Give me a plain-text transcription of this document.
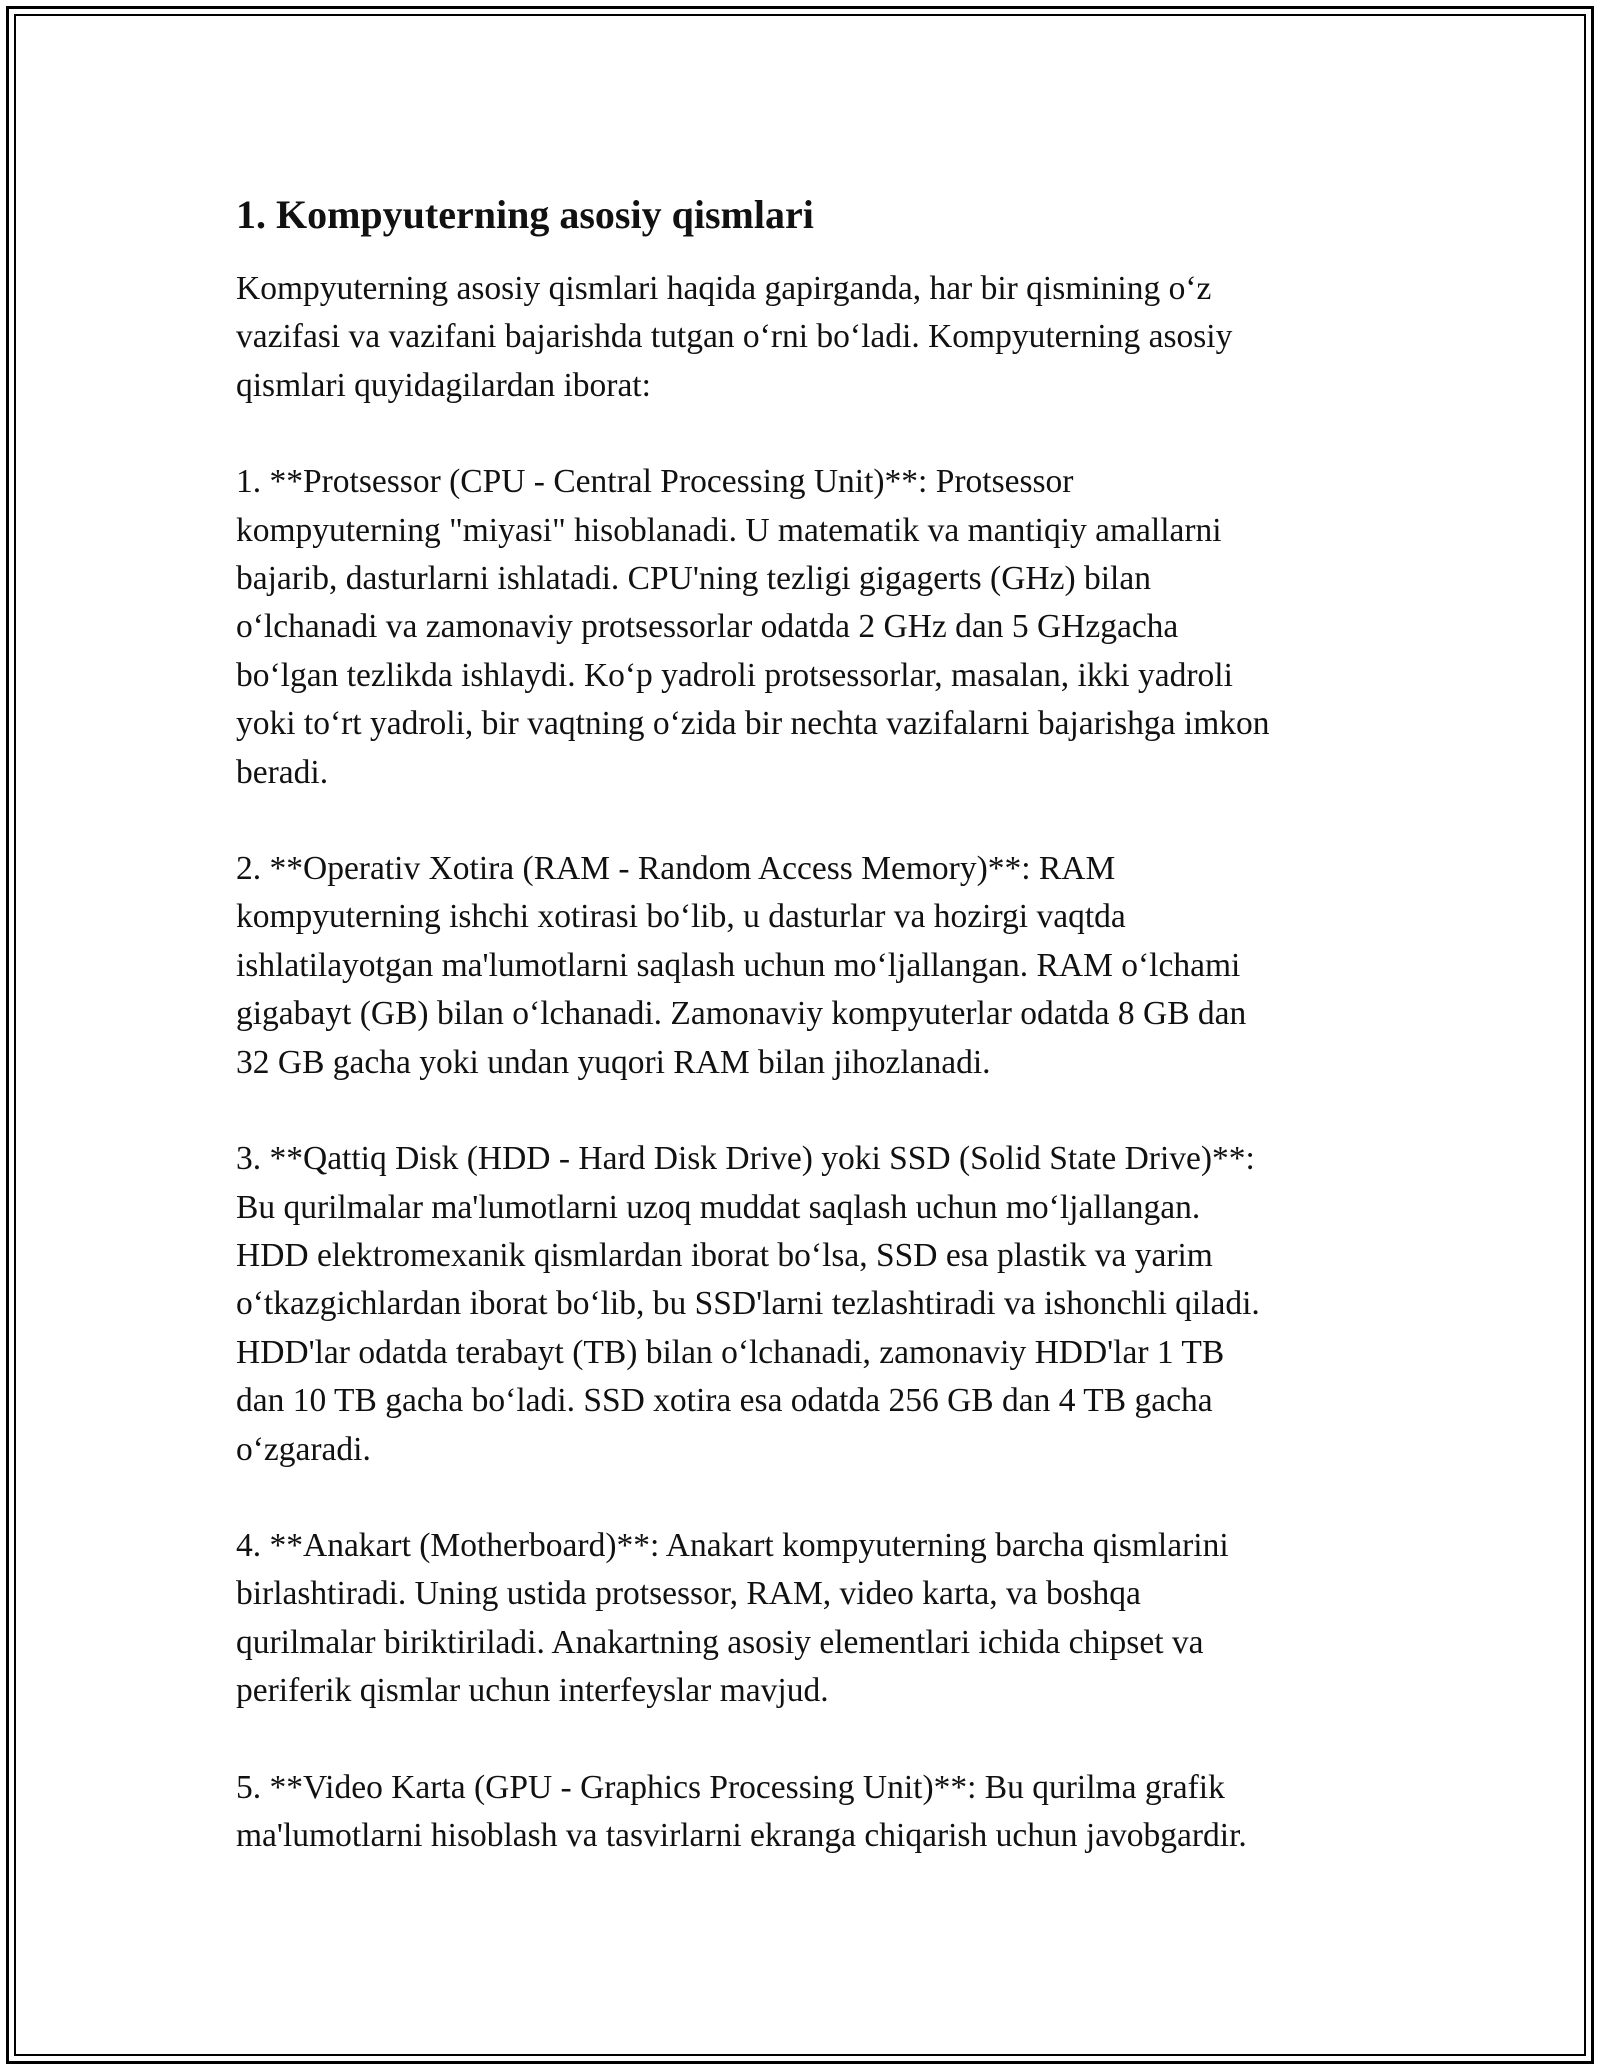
1. Kompyuterning asosiy qismlari

Kompyuterning asosiy qismlari haqida gapirganda, har bir qismining o‘z
vazifasi va vazifani bajarishda tutgan o‘rni bo‘ladi. Kompyuterning asosiy
qismlari quyidagilardan iborat:

1. **Protsessor (CPU - Central Processing Unit)**: Protsessor
kompyuterning "miyasi" hisoblanadi. U matematik va mantiqiy amallarni
bajarib, dasturlarni ishlatadi. CPU'ning tezligi gigagerts (GHz) bilan
o‘lchanadi va zamonaviy protsessorlar odatda 2 GHz dan 5 GHzgacha
bo‘lgan tezlikda ishlaydi. Ko‘p yadroli protsessorlar, masalan, ikki yadroli
yoki to‘rt yadroli, bir vaqtning o‘zida bir nechta vazifalarni bajarishga imkon
beradi.

2. **Operativ Xotira (RAM - Random Access Memory)**: RAM
kompyuterning ishchi xotirasi bo‘lib, u dasturlar va hozirgi vaqtda
ishlatilayotgan ma'lumotlarni saqlash uchun mo‘ljallangan. RAM o‘lchami
gigabayt (GB) bilan o‘lchanadi. Zamonaviy kompyuterlar odatda 8 GB dan
32 GB gacha yoki undan yuqori RAM bilan jihozlanadi.

3. **Qattiq Disk (HDD - Hard Disk Drive) yoki SSD (Solid State Drive)**:
Bu qurilmalar ma'lumotlarni uzoq muddat saqlash uchun mo‘ljallangan.
HDD elektromexanik qismlardan iborat bo‘lsa, SSD esa plastik va yarim
o‘tkazgichlardan iborat bo‘lib, bu SSD'larni tezlashtiradi va ishonchli qiladi.
HDD'lar odatda terabayt (TB) bilan o‘lchanadi, zamonaviy HDD'lar 1 TB
dan 10 TB gacha bo‘ladi. SSD xotira esa odatda 256 GB dan 4 TB gacha
o‘zgaradi.

4. **Anakart (Motherboard)**: Anakart kompyuterning barcha qismlarini
birlashtiradi. Uning ustida protsessor, RAM, video karta, va boshqa
qurilmalar biriktiriladi. Anakartning asosiy elementlari ichida chipset va
periferik qismlar uchun interfeyslar mavjud.

5. **Video Karta (GPU - Graphics Processing Unit)**: Bu qurilma grafik
ma'lumotlarni hisoblash va tasvirlarni ekranga chiqarish uchun javobgardir.
